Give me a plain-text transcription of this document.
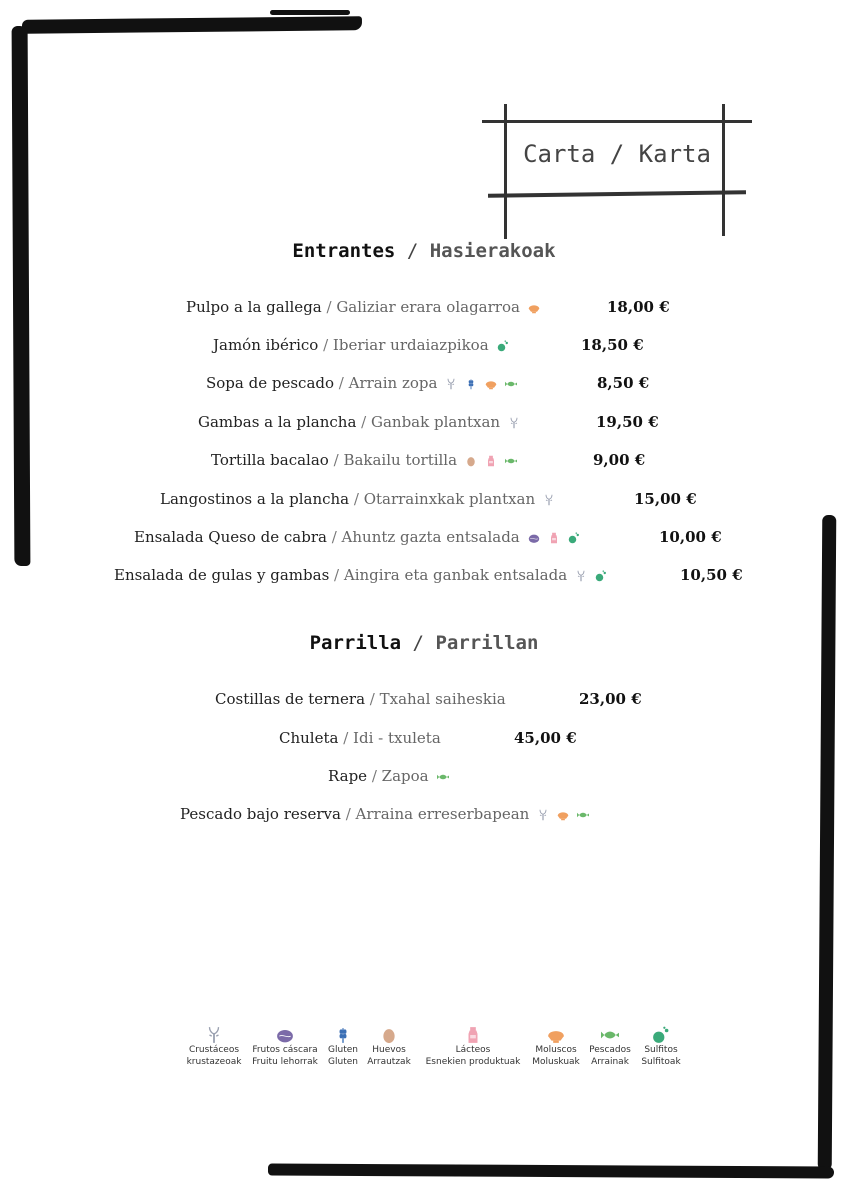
Carta / Karta
Entrantes / Hasierakoak
Parrilla / Parrillan
Pulpo a la gallega / Galiziar erara olagarroa	18,00 €
Jamón ibérico / Iberiar urdaiazpikoa	18,50 €
Sopa de pescado / Arrain zopa	8,50 €
Gambas a la plancha / Ganbak plantxan	19,50 €
Tortilla bacalao / Bakailu tortilla	9,00 €
Langostinos a la plancha / Otarrainxkak plantxan	15,00 €
Ensalada Queso de cabra / Ahuntz gazta entsalada	10,00 €
Ensalada de gulas y gambas / Aingira eta ganbak entsalada	10,50 €
Costillas de ternera / Txahal saiheskia	23,00 €
Chuleta / Idi - txuleta	45,00 €
Rape / Zapoa
Pescado bajo reserva / Arraina erreserbapean
Crustáceos
krustazeoak
Frutos cáscara
Fruitu lehorrak
Gluten
Gluten
Huevos
Arrautzak
Lácteos
Esnekien produktuak
Moluscos
Moluskuak
Pescados
Arrainak
Sulfitos
Sulfitoak
